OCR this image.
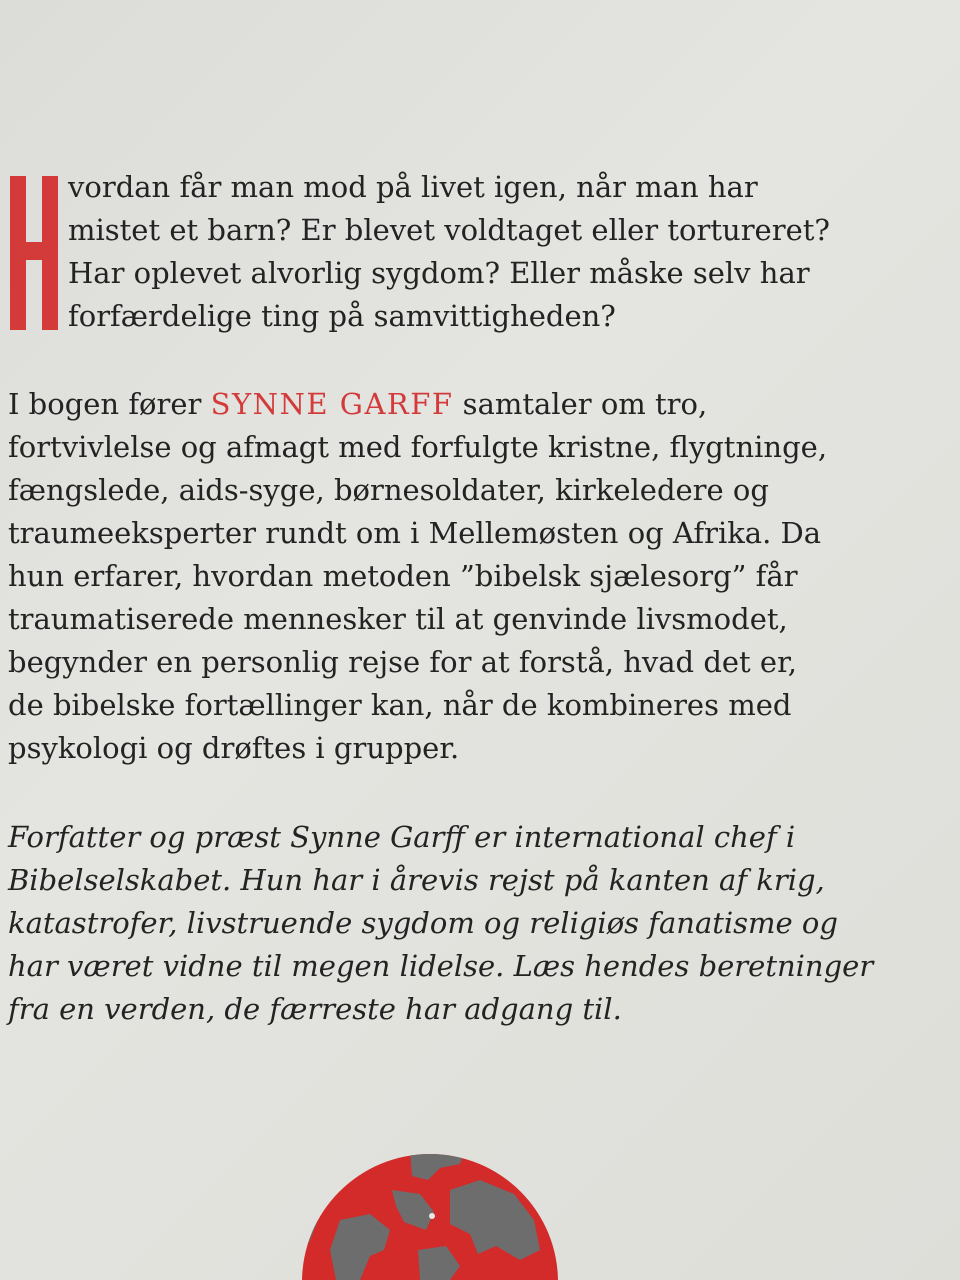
vordan får man mod på livet igen, når man har
mistet et barn? Er blevet voldtaget eller tortureret?
Har oplevet alvorlig sygdom? Eller måske selv har
forfærdelige ting på samvittigheden?
I bogen fører SYNNE GARFF samtaler om tro,
fortvivlelse og afmagt med forfulgte kristne, flygtninge,
fængslede, aids-syge, børnesoldater, kirkeledere og
traumeeksperter rundt om i Mellemøsten og Afrika. Da
hun erfarer, hvordan metoden ”bibelsk sjælesorg” får
traumatiserede mennesker til at genvinde livsmodet,
begynder en personlig rejse for at forstå, hvad det er,
de bibelske fortællinger kan, når de kombineres med
psykologi og drøftes i grupper.
Forfatter og præst Synne Garff er international chef i
Bibelselskabet. Hun har i årevis rejst på kanten af krig,
katastrofer, livstruende sygdom og religiøs fanatisme og
har været vidne til megen lidelse. Læs hendes beretninger
fra en verden, de færreste har adgang til.
